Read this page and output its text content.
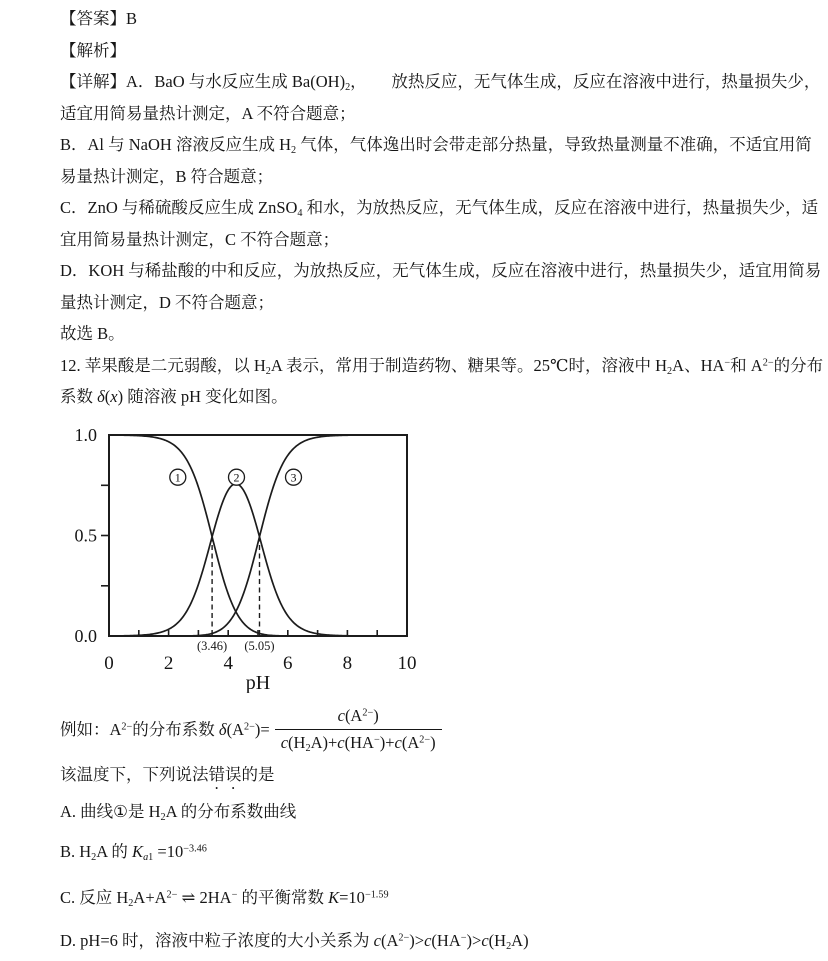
【答案】B
【解析】
【详解】A．BaO 与水反应生成 $Ba(OH)_2$，  放热反应，无气体生成，反应在溶液中进行，热量损失少，
适宜用简易量热计测定，A 不符合题意；
B．Al 与 NaOH 溶液反应生成 $H_2$ 气体，气体逸出时会带走部分热量，导致热量测量不准确，不适宜用简
易量热计测定，B 符合题意；
C．ZnO 与稀硫酸反应生成 ZnSO$_4$ 和水，为放热反应，无气体生成，反应在溶液中进行，热量损失少，适
宜用简易量热计测定，C 不符合题意；
D．KOH 与稀盐酸的中和反应，为放热反应，无气体生成，反应在溶液中进行，热量损失少，适宜用简易
量热计测定，D 不符合题意；
故选 B。
12. 苹果酸是二元弱酸，以 $H_2A$ 表示，常用于制造药物、糖果等。25℃时，溶液中 $H_2A$、HA−和 $A^{2-}$的分布
系数 δ(x) 随溶液 pH 变化如图。
0.0
0.5
1.0
0	2	4	6	8 10
(3.46) (5.05)
pH
1	2	3
例如：$A^{2-}$的分布系数 $\delta(A^{2-})= \frac{c(A^{2-})}{c(H_2A)+c(HA^-)+c(A^{2-})}$
该温度下，下列说法错误的是
A. 曲线①是 $H_2A$ 的分布系数曲线
B. $H_2A$ 的 $K_{a1} =10^{-3.46}$
C. 反应 $H_2A+A^{2-}$ ⇌ 2HA− 的平衡常数 $K=10^{-1.59}$
D. pH=6 时，溶液中粒子浓度的大小关系为 $c(A^{2-})>c(HA^-)>c(H_2A)$
